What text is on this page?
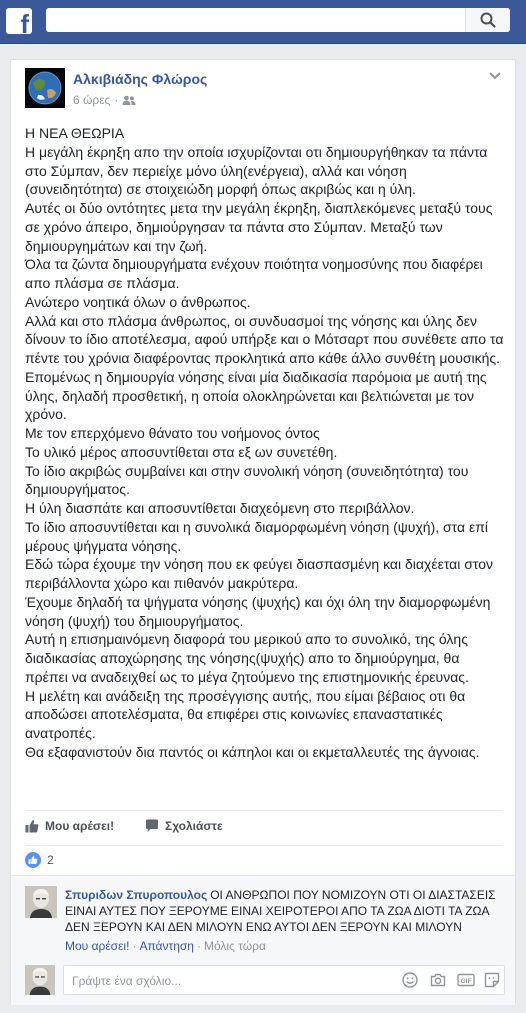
f
Αλκιβιάδης Φλώρος
6 ώρες ·

Η ΝΕΑ ΘΕΩΡΙΑ

Η μεγάλη έκρηξη απο την οποία ισχυρίζονται οτι δημιουργήθηκαν τα πάντα στο Σύμπαν, δεν περιείχε μόνο ύλη(ενέργεια), αλλά και νόηση (συνειδητότητα) σε στοιχειώδη μορφή όπως ακριβώς και η ύλη.

Αυτές οι δύο οντότητες μετα την μεγάλη έκρηξη, διαπλεκόμενες μεταξύ τους σε χρόνο άπειρο, δημιούργησαν τα πάντα στο Σύμπαν. Μεταξύ των δημιουργημάτων και την ζωή.

Όλα τα ζώντα δημιουργήματα ενέχουν ποιότητα νοημοσύνης που διαφέρει απο πλάσμα σε πλάσμα.

Ανώτερο νοητικά όλων ο άνθρωπος.

Αλλά και στο πλάσμα άνθρωπος, οι συνδυασμοί της νόησης και ύλης δεν δίνουν το ίδιο αποτέλεσμα, αφού υπήρξε και ο Μότσαρτ που συνέθετε απο τα πέντε του χρόνια διαφέροντας προκλητικά απο κάθε άλλο συνθέτη μουσικής.

Επομένως η δημιουργία νόησης είναι μία διαδικασία παρόμοια με αυτή της ύλης, δηλαδή προσθετική, η οποία ολοκληρώνεται και βελτιώνεται με τον χρόνο.

Με τον επερχόμενο θάνατο του νοήμονος όντος

Το υλικό μέρος αποσυντίθεται στα εξ ων συνετέθη.

Το ίδιο ακριβώς συμβαίνει και στην συνολική νόηση (συνειδητότητα) του δημιουργήματος.

Η ύλη διασπάτε και αποσυντίθεται διαχεόμενη στο περιβάλλον.

Το ίδιο αποσυντίθεται και η συνολικά διαμορφωμένη νόηση (ψυχή), στα επί μέρους ψήγματα νόησης.

Εδώ τώρα έχουμε την νόηση που εκ φεύγει διασπασμένη και διαχέεται στον περιβάλλοντα χώρο και πιθανόν μακρύτερα.

Έχουμε δηλαδή τα ψήγματα νόησης (ψυχής) και όχι όλη την διαμορφωμένη νόηση (ψυχή) του δημιουργήματος.

Αυτή η επισημαινόμενη διαφορά του μερικού απο το συνολικό, της όλης διαδικασίας αποχώρησης της νόησης(ψυχής) απο το δημιούργημα, θα πρέπει να αναδειχθεί ως το μέγα ζητούμενο της επιστημονικής έρευνας.

Η μελέτη και ανάδειξη της προσέγγισης αυτής, που είμαι βέβαιος οτι θα αποδώσει αποτελέσματα, θα επιφέρει στις κοινωνίες επαναστατικές ανατροπές.

Θα εξαφανιστούν δια παντός οι κάπηλοι και οι εκμεταλλευτές της άγνοιας.

Μου αρέσει!	Σχολιάστε
2
Σπυριδων Σπυροπουλος ΟΙ ΑΝΘΡΩΠΟΙ ΠΟΥ ΝΟΜΙΖΟΥΝ ΟΤΙ ΟΙ ΔΙΑΣΤΑΣΕΙΣ ΕΙΝΑΙ ΑΥΤΕΣ ΠΟΥ ΞΕΡΟΥΜΕ ΕΙΝΑΙ ΧΕΙΡΟΤΕΡΟΙ ΑΠΟ ΤΑ ΖΩΑ ΔΙΟΤΙ ΤΑ ΖΩΑ ΔΕΝ ΞΕΡΟΥΝ ΚΑΙ ΔΕΝ ΜΙΛΟΥΝ ΕΝΩ ΑΥΤΟΙ ΔΕΝ ΞΕΡΟΥΝ ΚΑΙ ΜΙΛΟΥΝ
Μου αρέσει! · Απάντηση · Μόλις τώρα
Γράψτε ένα σχόλιο...
GIF
